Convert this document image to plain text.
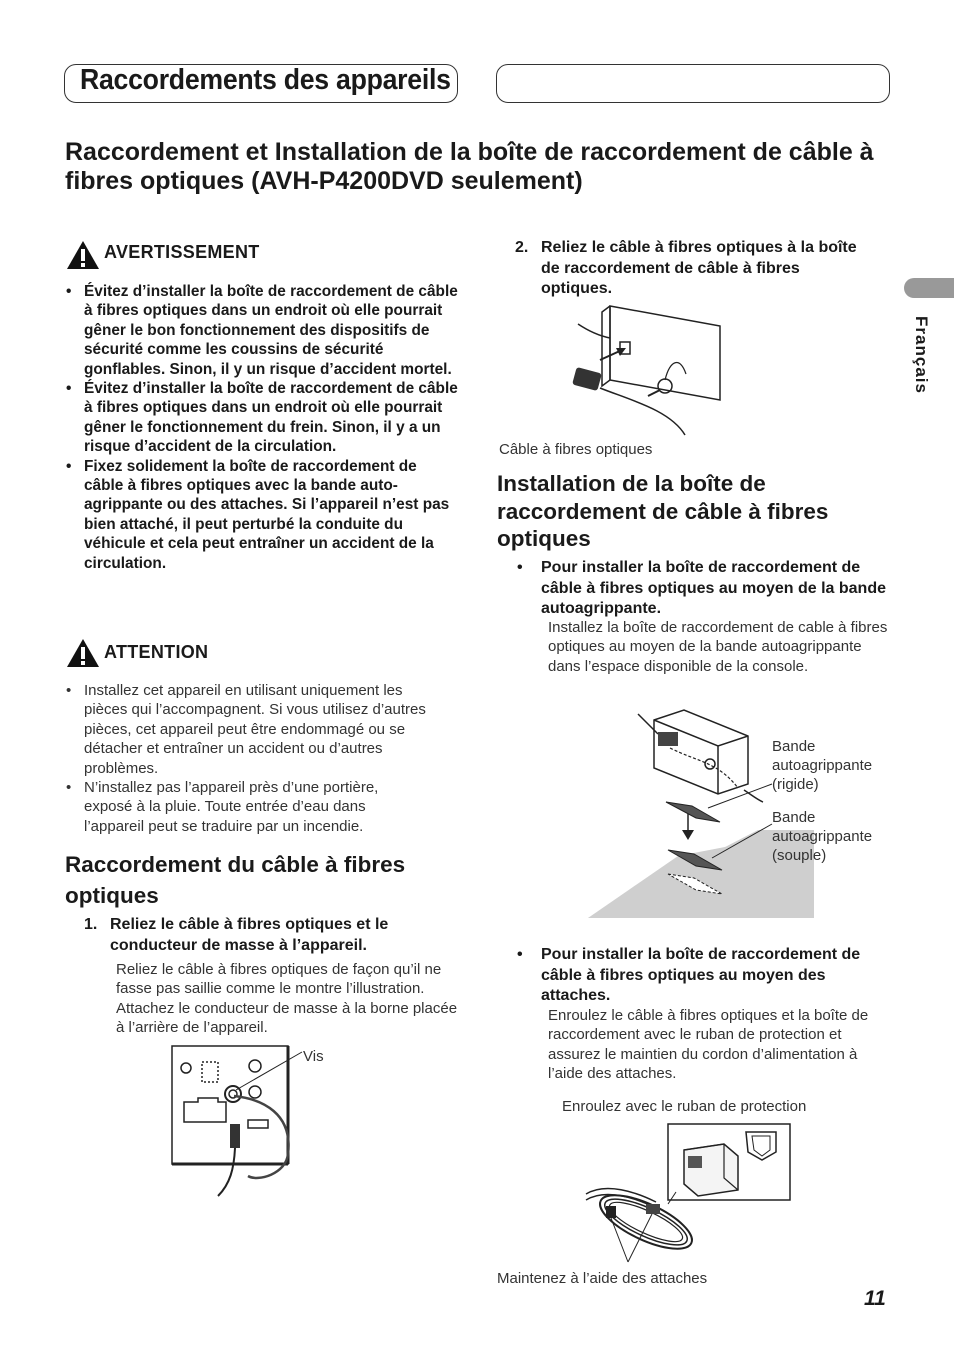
Raccordements des appareils
Français
Raccordement et Installation de la boîte de raccordement de câble à fibres optiques (AVH-P4200DVD seulement)
AVERTISSEMENT
• Évitez d’installer la boîte de raccordement de câble à fibres optiques dans un endroit où elle pourrait gêner le bon fonctionnement des dispositifs de sécurité comme les coussins de sécurité gonflables. Sinon, il y un risque d’accident mortel.
• Évitez d’installer la boîte de raccordement de câble à fibres optiques dans un endroit où elle pourrait gêner le fonctionnement du frein. Sinon, il y a un risque d’accident de la circulation.
• Fixez solidement la boîte de raccordement de câble à fibres optiques avec la bande auto-agrippante ou des attaches. Si l’appareil n’est pas bien attaché, il peut perturbé la conduite du véhicule et cela peut entraîner un accident de la circulation.
ATTENTION
• Installez cet appareil en utilisant uniquement les pièces qui l’accompagnent. Si vous utilisez d’autres pièces, cet appareil peut être endommagé ou se détacher et entraîner un accident ou d’autres problèmes.
• N’installez pas l’appareil près d’une portière, exposé à la pluie. Toute entrée d’eau dans l’appareil peut se traduire par un incendie.
Raccordement du câble à fibres optiques
1. Reliez le câble à fibres optiques et le conducteur de masse à l’appareil.
Reliez le câble à fibres optiques de façon qu’il ne fasse pas saillie comme le montre l’illustration. Attachez le conducteur de masse à la borne placée à l’arrière de l’appareil.
Vis
2. Reliez le câble à fibres optiques à la boîte de raccordement de câble à fibres optiques.
Câble à fibres optiques
Installation de la boîte de raccordement de câble à fibres optiques
• Pour installer la boîte de raccordement de câble à fibres optiques au moyen de la bande autoagrippante.
Installez la boîte de raccordement de cable à fibres optiques au moyen de la bande autoagrippante dans l’espace disponible de la console.
Bande autoagrippante (rigide)
Bande autoagrippante (souple)
• Pour installer la boîte de raccordement de câble à fibres optiques au moyen des attaches.
Enroulez le câble à fibres optiques et la boîte de raccordement avec le ruban de protection et assurez le maintien du cordon d’alimentation à l’aide des attaches.
Enroulez avec le ruban de protection
Maintenez à l’aide des attaches
11
